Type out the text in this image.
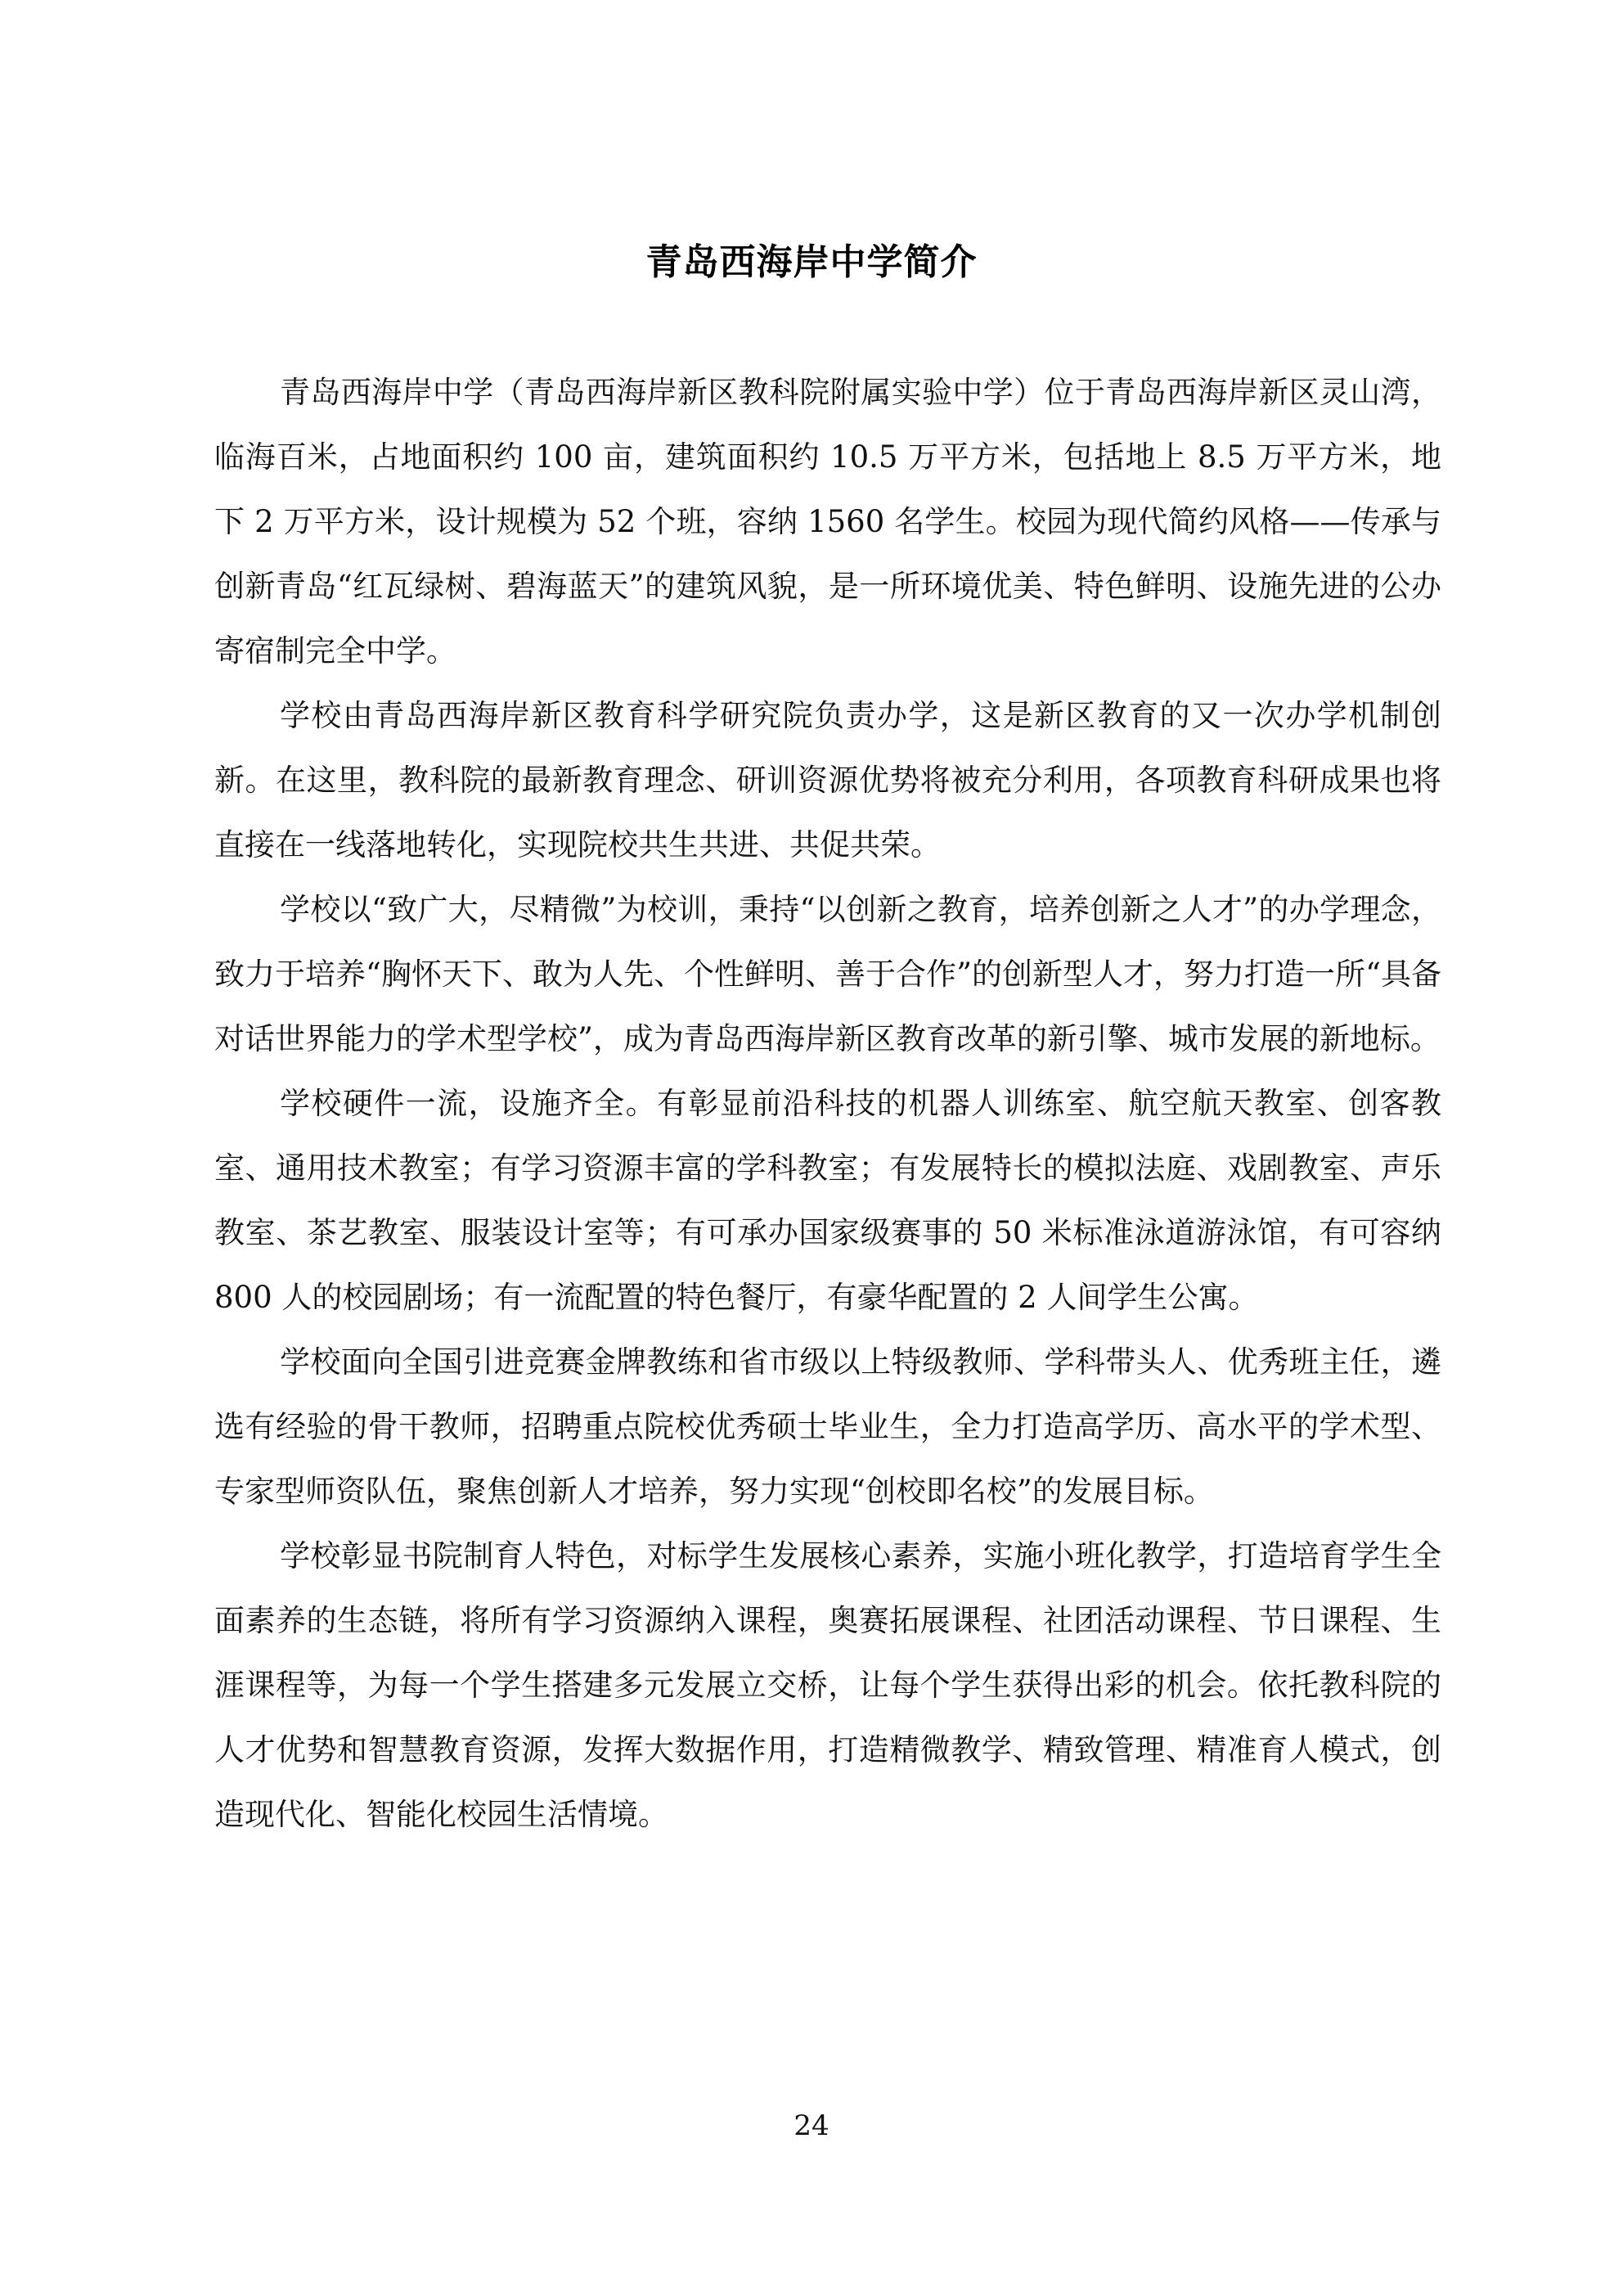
青岛西海岸中学简介

青岛西海岸中学（青岛西海岸新区教科院附属实验中学）位于青岛西海岸新区灵山湾，临海百米，占地面积约 100 亩，建筑面积约 10.5 万平方米，包括地上 8.5 万平方米，地下 2 万平方米，设计规模为 52 个班，容纳 1560 名学生。校园为现代简约风格——传承与创新青岛“红瓦绿树、碧海蓝天”的建筑风貌，是一所环境优美、特色鲜明、设施先进的公办寄宿制完全中学。

学校由青岛西海岸新区教育科学研究院负责办学，这是新区教育的又一次办学机制创新。在这里，教科院的最新教育理念、研训资源优势将被充分利用，各项教育科研成果也将直接在一线落地转化，实现院校共生共进、共促共荣。

学校以“致广大，尽精微”为校训，秉持“以创新之教育，培养创新之人才”的办学理念，致力于培养“胸怀天下、敢为人先、个性鲜明、善于合作”的创新型人才，努力打造一所“具备对话世界能力的学术型学校”，成为青岛西海岸新区教育改革的新引擎、城市发展的新地标。

学校硬件一流，设施齐全。有彰显前沿科技的机器人训练室、航空航天教室、创客教室、通用技术教室；有学习资源丰富的学科教室；有发展特长的模拟法庭、戏剧教室、声乐教室、茶艺教室、服装设计室等；有可承办国家级赛事的 50 米标准泳道游泳馆，有可容纳 800 人的校园剧场；有一流配置的特色餐厅，有豪华配置的 2 人间学生公寓。

学校面向全国引进竞赛金牌教练和省市级以上特级教师、学科带头人、优秀班主任，遴选有经验的骨干教师，招聘重点院校优秀硕士毕业生，全力打造高学历、高水平的学术型、专家型师资队伍，聚焦创新人才培养，努力实现“创校即名校”的发展目标。

学校彰显书院制育人特色，对标学生发展核心素养，实施小班化教学，打造培育学生全面素养的生态链，将所有学习资源纳入课程，奥赛拓展课程、社团活动课程、节日课程、生涯课程等，为每一个学生搭建多元发展立交桥，让每个学生获得出彩的机会。依托教科院的人才优势和智慧教育资源，发挥大数据作用，打造精微教学、精致管理、精准育人模式，创造现代化、智能化校园生活情境。

24
